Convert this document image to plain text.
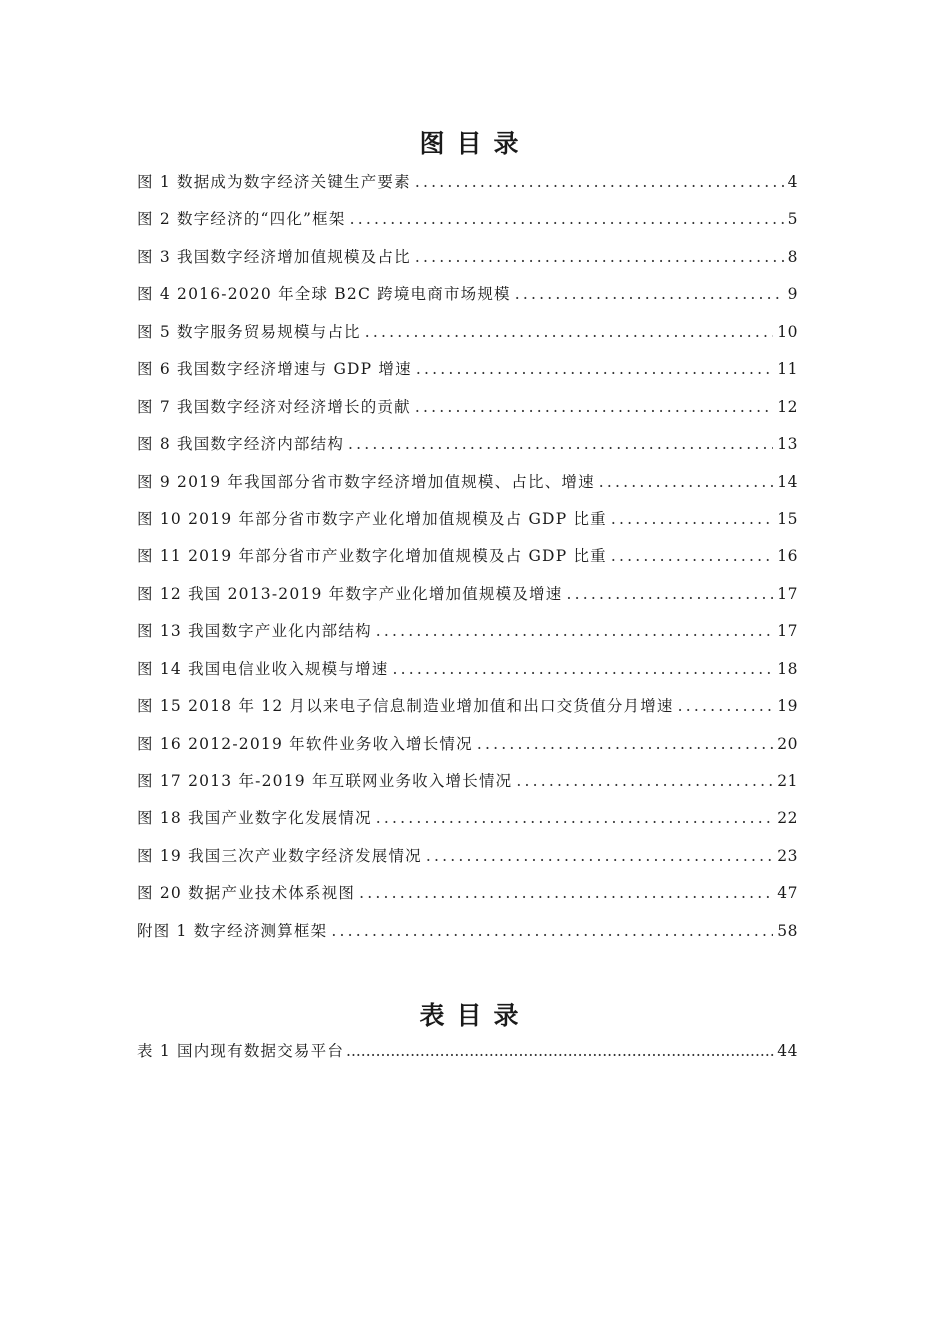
图目录
图 1 数据成为数字经济关键生产要素 .....	4
图 2 数字经济的“四化”框架 .....	5
图 3 我国数字经济增加值规模及占比 .....	8
图 4 2016-2020 年全球 B2C 跨境电商市场规模 .....	9
图 5 数字服务贸易规模与占比 .....	10
图 6 我国数字经济增速与 GDP 增速 .....	11
图 7 我国数字经济对经济增长的贡献 .....	12
图 8 我国数字经济内部结构 .....	13
图 9 2019 年我国部分省市数字经济增加值规模、占比、增速 .....	14
图 10 2019 年部分省市数字产业化增加值规模及占 GDP 比重 .....	15
图 11 2019 年部分省市产业数字化增加值规模及占 GDP 比重 .....	16
图 12 我国 2013-2019 年数字产业化增加值规模及增速 .....	17
图 13 我国数字产业化内部结构 .....	17
图 14 我国电信业收入规模与增速 .....	18
图 15 2018 年 12 月以来电子信息制造业增加值和出口交货值分月增速 .....	19
图 16 2012-2019 年软件业务收入增长情况 .....	20
图 17 2013 年-2019 年互联网业务收入增长情况 .....	21
图 18 我国产业数字化发展情况 .....	22
图 19 我国三次产业数字经济发展情况 .....	23
图 20 数据产业技术体系视图 .....	47
附图 1 数字经济测算框架 .....	58
表目录
表 1 国内现有数据交易平台 .....	44
